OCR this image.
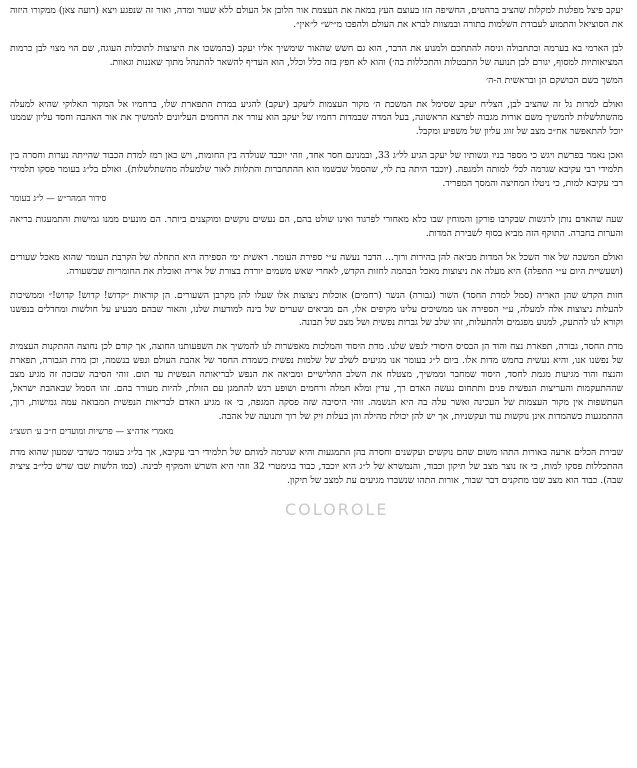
יעקב פיצל מפלגות למקלות שהציב ברהטים, החשיפה הזו בעוצם העץ במאה את העצמת אור הלובן אל העולם ללא שעור ומדה, ואור זה שנפגע ויצא (רועה צאן) ממקורו היזוה את הסוציאל והתמוע לעבודת השלמות בתורה ובמצוות לברא את העולם ולהפכו מ״יש״ ל״אין״.

לבן הארמי בא בערמה ובתחבולה וניסה להתחכם ולמנוע את הדבר, הוא גם חשש שהאור שימשיך אליו יעקב (בהמשכו את היצוצות לתוכלות העוגה, שם הוי מצוי לבן כרמות המציאותיות למסוף, יגורם לבן תנועה של התבטלות והתכללות בה׳) והוא לא חפץ בזה כלל וכלל, הוא העדיף להשאר להתנהל מתוך שאננות וגאוות.

המשך בשם הכושקם הן ובראשית ה-ה׳

ואולם למרות גל זה שהציב לבן, הצליח יעקב שסימל את המשכת ה׳ מקור העצמות ליעקב (יעקב) להגיע במדת התפארת שלו, ברחמיו אל המקור האלוקי שהיא למעלה מהשתלשלות להמשיך משם אורות מגבוה לפרצא הראשונה, בעל המדה שבמדות רחמיו של יעקב הוא עורר את הרחמים העליונים להמשיך את אור האהבה וחסד עליון שממנו יוכל להתאפשר אח״כ מצב של זווג עליון של משפיע ומקבל.

ואכן נאמר בפרשת ויגש כי מספר בניו ונשותיו של יעקב הגיע לל״ג 33, ובמנינם חסר אחד, וזהי יוכבד שנולדה בין החומות, ויש כאן רמז למדת הכבוד שהייתה נערות וחסרה בין תלמידי רבי עקיבא שגרמה לכל׳ למותה ולמגפה. (יוכבד היתה בת לוי, שהסמל שבשמו הוא ההתחברות והתלוות לאור שלמעלה מהשתלשלות). ואולם בל״ג בעומר פסקו תלמידי רבי עקיבא למות, כי ניטלו המחיצה והמסך המפריד.

סידור המהר״ש — ל״ג בעומר

שעה שהאדם נותן לרגשות שבקרבו פורקן והמוחין שבו כלא מאחורי לפרגוד ואינו שולט בהם, הם נעשים נוקשים ומוקצנים ביותר. הם מונעים ממנו גמישות והתמעגות בריאה והערות בחברה. התוקף הזה מביא בסוף לשבירת המדות.

ואולם המשכה של אור השכל אל המדות מביאה להן בהירות ורוך... הדבר נעשה ע״י ספירת העומר. ראשית ימי הספירה היא התחלה של הקרבת העומר שהוא מאכל שעורים (ושעשיית היום ע״י התפלה) היא מעלה את ניצוצות מאכל הבהמה לחזות הקדש, לאחרי שאש משמים יורדת בצורת של אריה ואוכלת את החומריות שבשעורה.

חזות הקדש שהן האריה (סמל למדת החסד) השור (גבורה) הנשר (רחמים) אוכלות ניצוצות אלו שעלו להן מקרבן השעורים. הן קוראות ״קדוש! קדוש! קדוש!״ וממשיכות להעלות ניצוצות אלה למעלה, ע״י הספירה אנו ממשיכים עלינו מקיפים אלו, הם מביאים שערים של בינה למודעות שלנו, והאור שבהם מבעיע על חולשות ומחדלים בנפשנו וקורא לנו להתעק, למנוע מפגמים ולהתעלות, זהו שלב של גברות נפשית ושל מצב של תבונה.

מדת החסד, גבורה, תפארת נצח והוד הן הבסיס היסודי לנפש שלנו. מדת היסוד והמלכות מאפשרות לנו להמשיך את השפעותנו החוצה, אך קודם לכן נחוצה ההתקנות העצמית של נפשנו אנו, והיא נעשית בחמש מדות אלו. ביום ל״ג בעומר אנו מגיעים לשלב של שלמות נפשית כשמדת החסד של אהבת העולם ונפש בנשמה, וכן מדת הגבורה, תפארת והנצח והוד מגיעות מגמת לחסד, היסוד שמחבר וממשיך, מצטלח את השלב התלישיים ומביאה את הנפש לבריאותה הנפשית עד תום. זוהי הסיבה שבזכה זה מגיע מצב שההתעקמות והעריצות הנפשית פגים ותתחום נעשה האדם רך, עדין ומלא חמלה ורחמים ושופע רגש להתמגן עם הזולת, להיות מעורר בהם. זהו הסמל שבאהבת ישראל, העתשפות אין מקור העצמות של העכינה ואשר עלה בה היא הנשמה. זוהי היסיבה שזה פסקה המגפה, כי אז מגיע האדם לבריאות הנפשית המבואה עמה גמישות, רוך, ההתמגעות כשהמדות אינן נוקשות עוד ועקשניות, אך יש להן יכולת מהילה והן בעלות זיק של רוך ותנועה של אהבה.

מאמרי אדה״צ — פרשיות ומועדים ח״ב ע׳ תשצ״ג

שבירת הכלים ארעה באורות התהו משום שהם נוקשים ועקשנים וחסרה בהן התמגעות והיא שגרמה למותם של תלמידי רבי עקיבא, אך בל״ג בעומר כשרבי שמעון שהוא מדת ההתכללות פסקו למות, כי אז נוצר מצב של תיקון וכבוד, והנמשרא של ל״ג היא יוכבד, כבוד בגימטרי 32 וזהי היא השרש והמקיף לבינה. (כמו הלשות שבו שרש כלי״ב ציצית שבה). כבוד הוא מצב שבו מתקנים דבר שבור, אורות התהו שנשברו מגיעים עת למצב של תיקון.

COLOROLE
